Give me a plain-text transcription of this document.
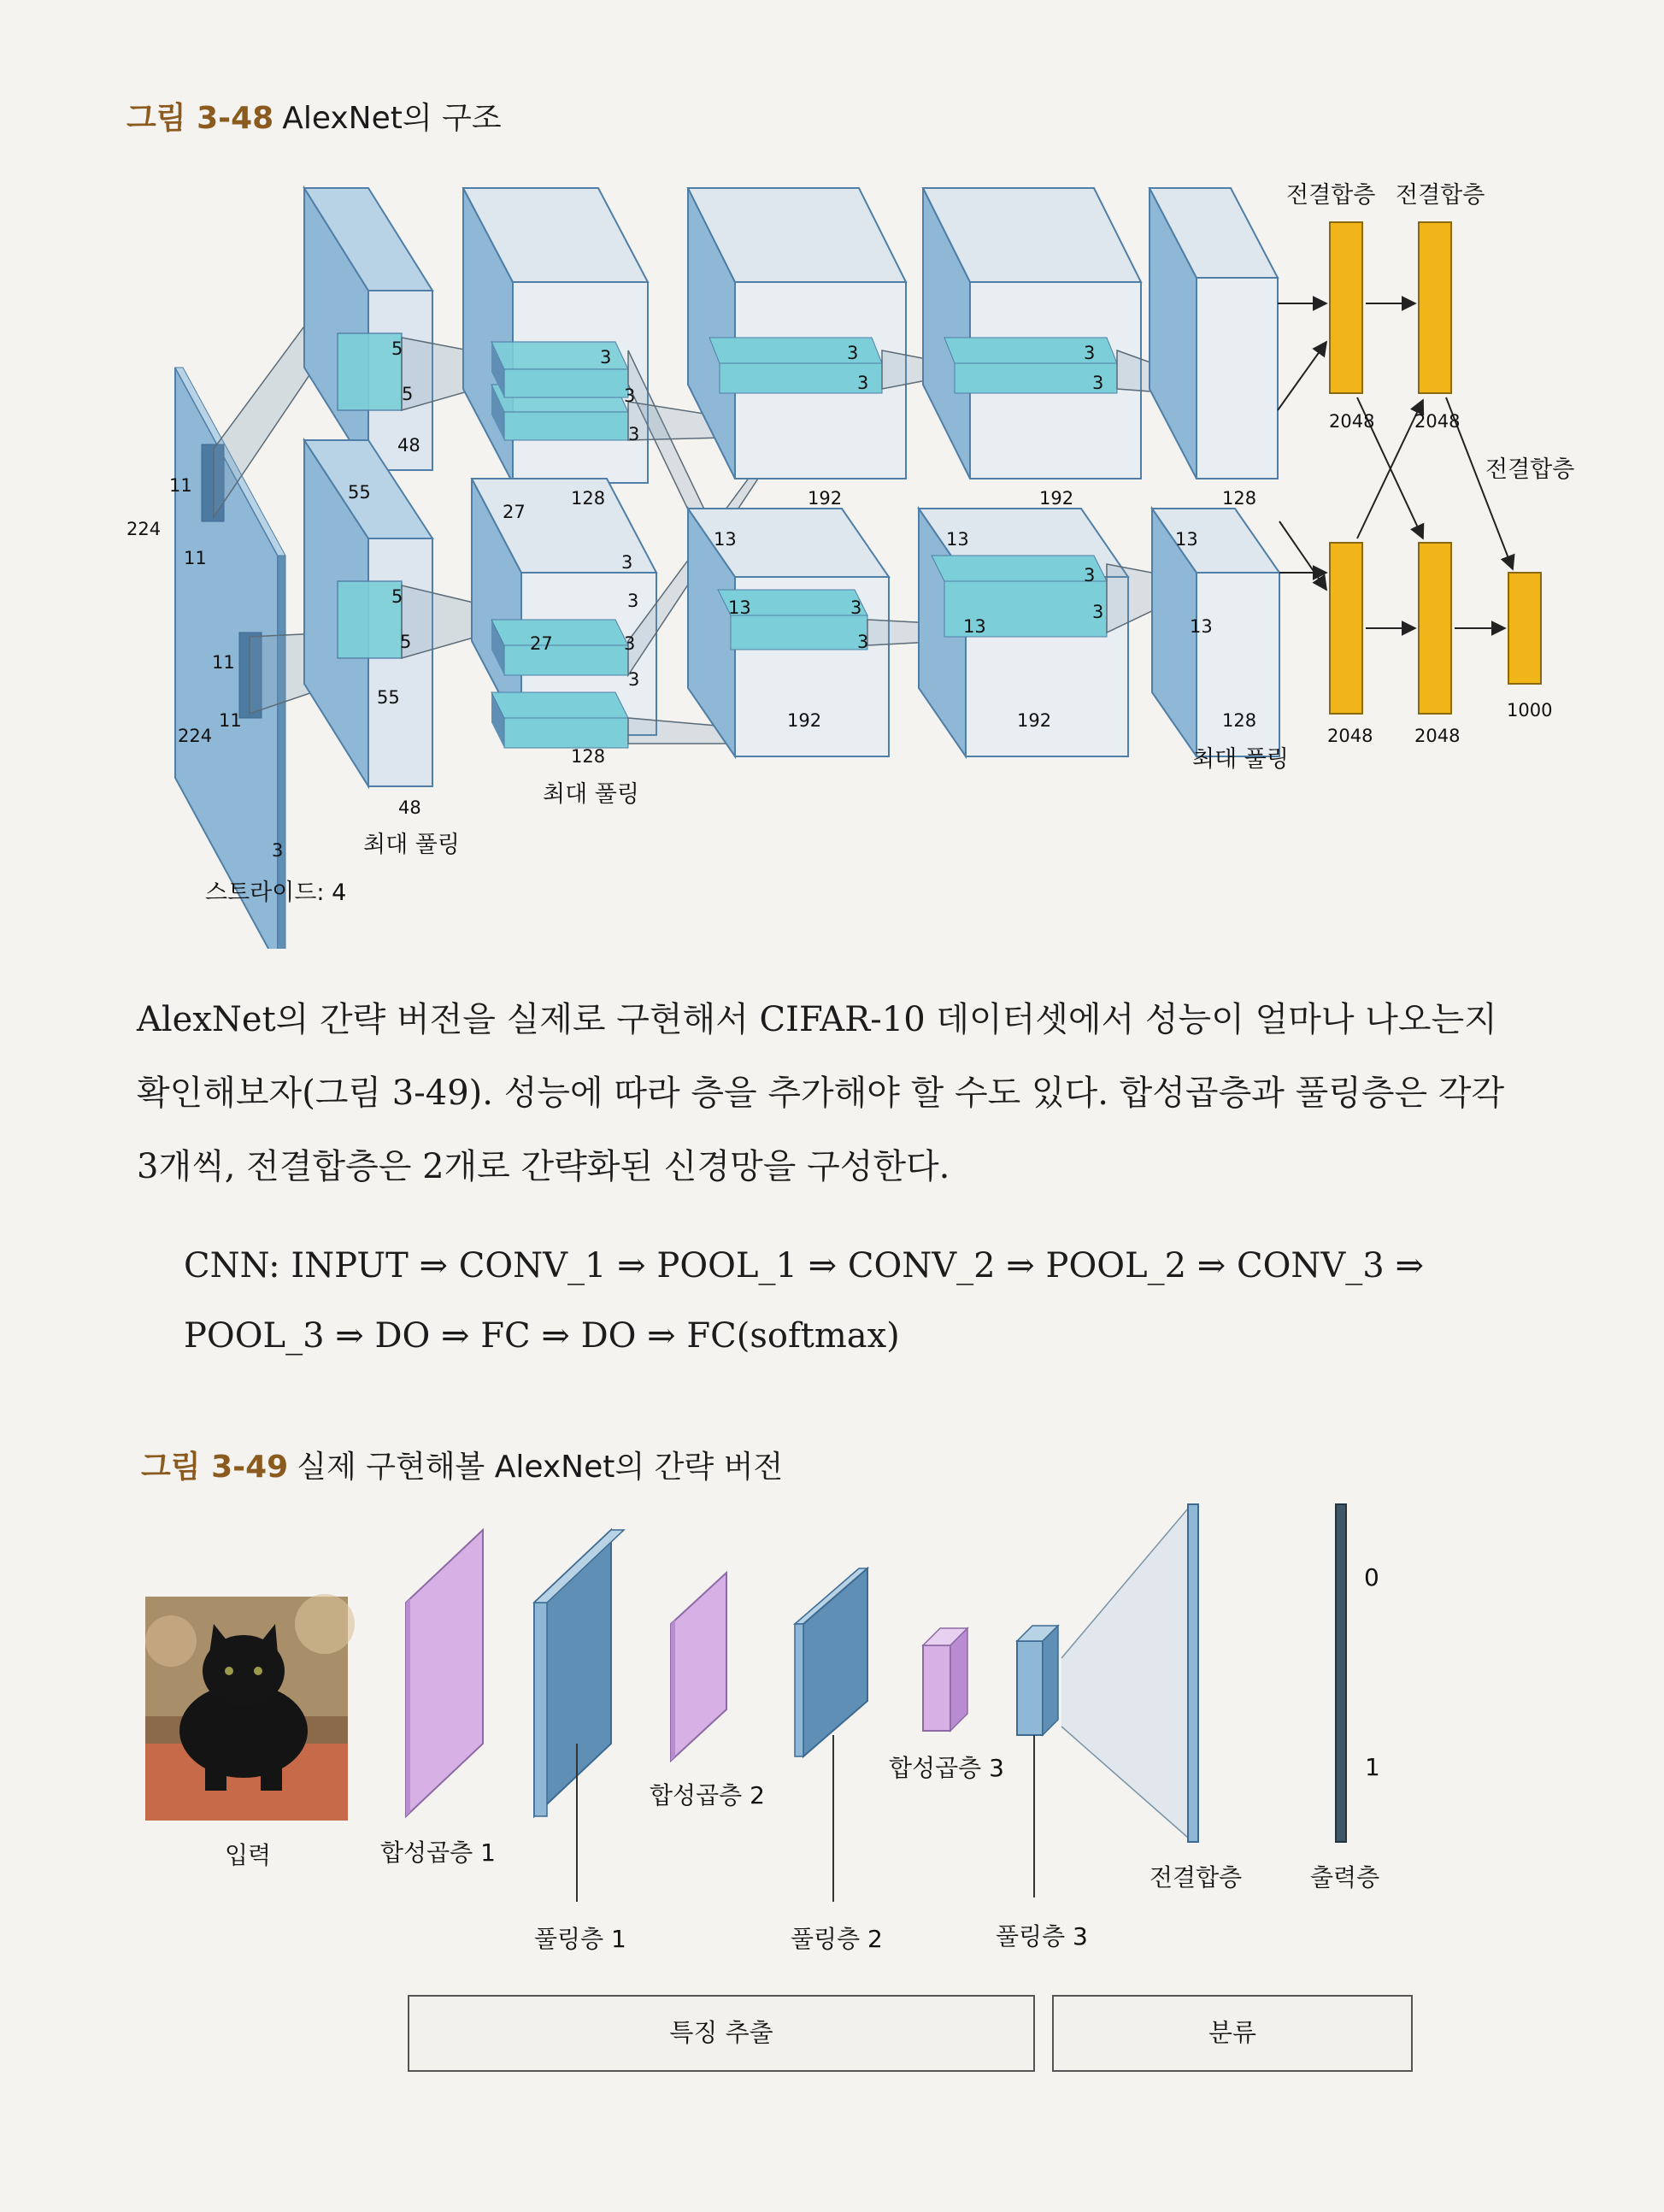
그림 3-48 AlexNet의 구조
224
11
11
11
11
224
3
5
5
48
55
5
5
55
48
3
3
3
128
27
3
3
27	3
3
128
3
3
192
13
13	3
3
192
3
3
192
13
3
3
13
192
128
13
13
128
2048 2048
2048 2048
1000
전결합층 전결합층
전결합층
최대 풀링
최대 풀링
최대 풀링
스트라이드: 4
AlexNet의 간략 버전을 실제로 구현해서 CIFAR-10 데이터셋에서 성능이 얼마나 나오는지
확인해보자(그림 3-49). 성능에 따라 층을 추가해야 할 수도 있다. 합성곱층과 풀링층은 각각
3개씩, 전결합층은 2개로 간략화된 신경망을 구성한다.
CNN: INPUT ⇒ CONV_1 ⇒ POOL_1 ⇒ CONV_2 ⇒ POOL_2 ⇒ CONV_3 ⇒
POOL_3 ⇒ DO ⇒ FC ⇒ DO ⇒ FC(softmax)
그림 3-49 실제 구현해볼 AlexNet의 간략 버전
입력	합성곱층 1
풀링층 1
합성곱층 2
풀링층 2
합성곱층 3
풀링층 3
전결합층	출력층
0
1
특징 추출	분류
